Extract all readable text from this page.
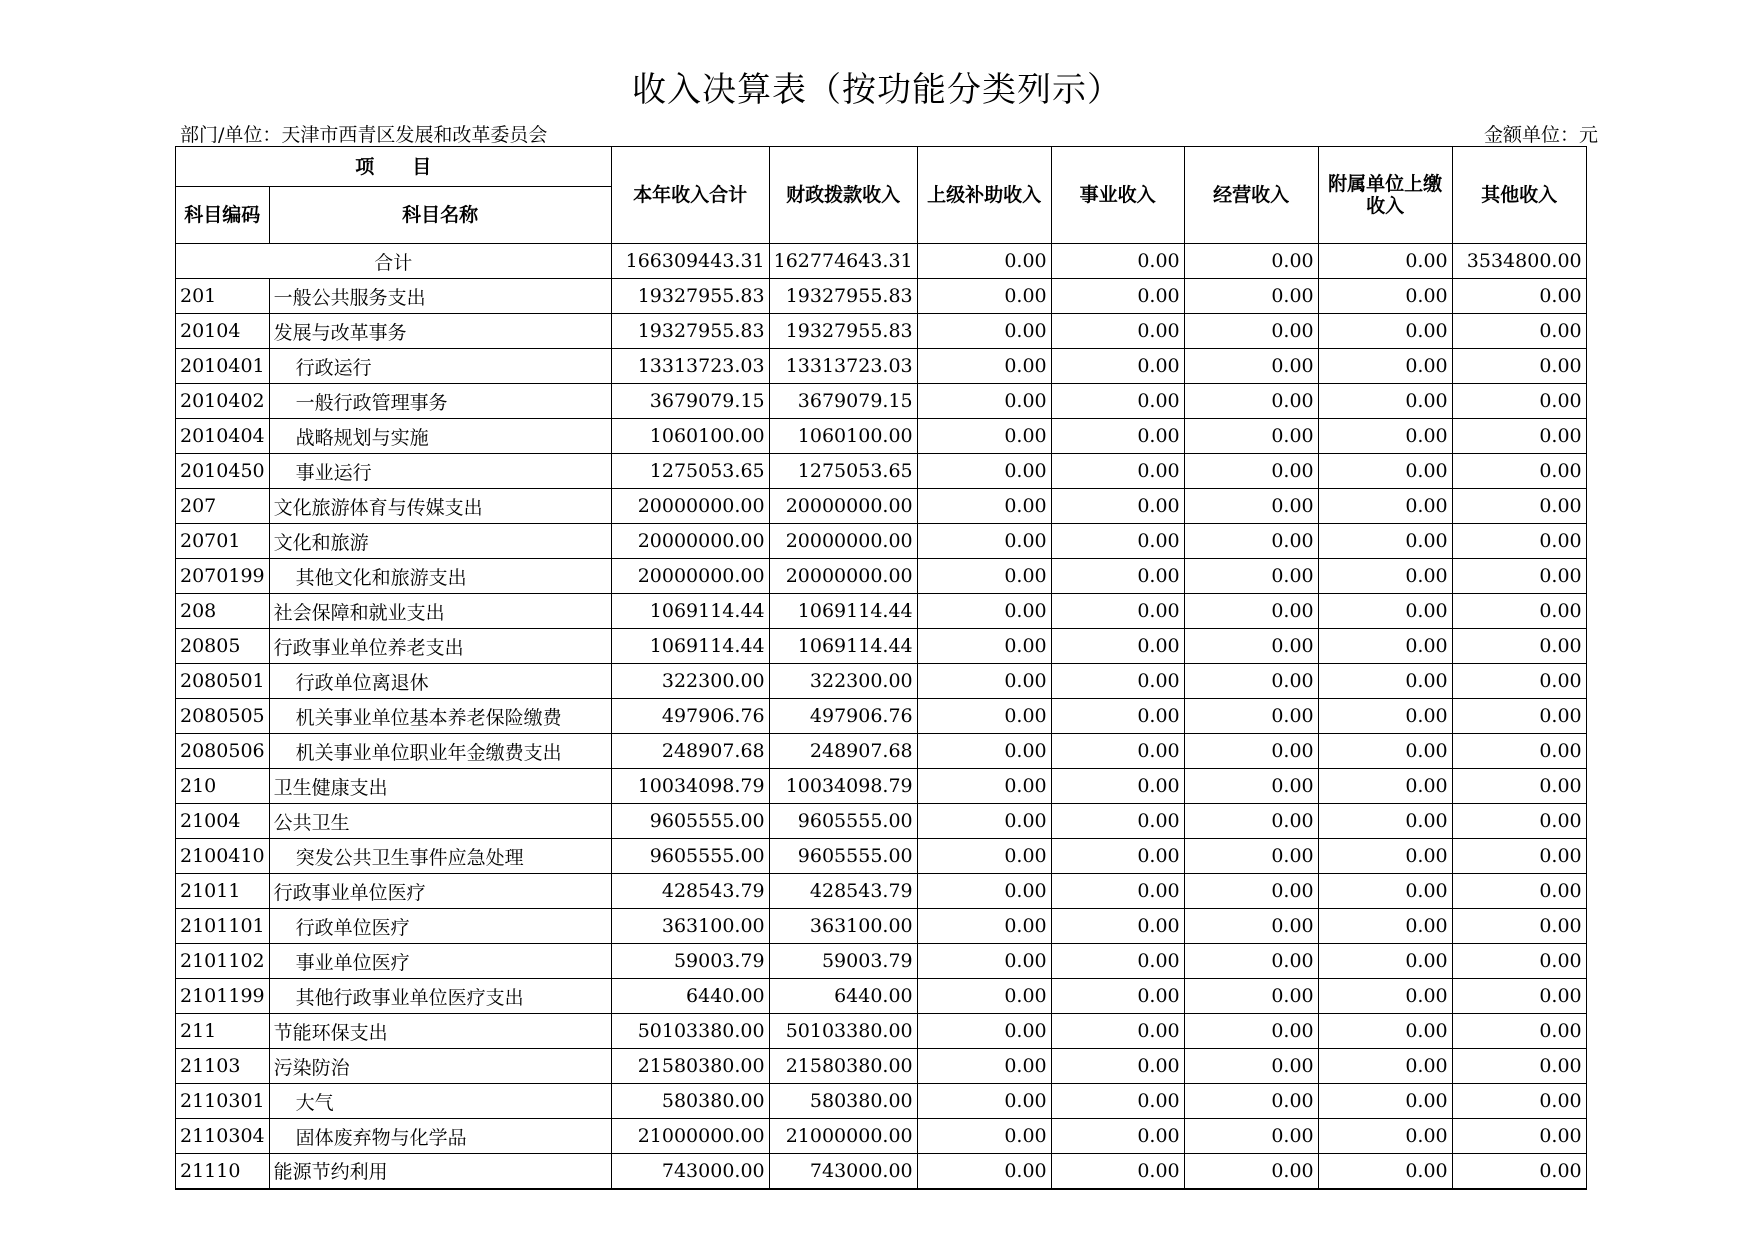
收入决算表（按功能分类列示）
部门/单位：天津市西青区发展和改革委员会	金额单位：元
项　　目		本年收入合计	财政拨款收入	上级补助收入	事业收入	经营收入	附属单位上缴收入	其他收入
科目编码	科目名称							
合计		166309443.31	162774643.31	0.00	0.00	0.00	0.00	3534800.00
201	一般公共服务支出	19327955.83	19327955.83	0.00	0.00	0.00	0.00	0.00
20104	发展与改革事务	19327955.83	19327955.83	0.00	0.00	0.00	0.00	0.00
2010401	行政运行	13313723.03	13313723.03	0.00	0.00	0.00	0.00	0.00
2010402	一般行政管理事务	3679079.15	3679079.15	0.00	0.00	0.00	0.00	0.00
2010404	战略规划与实施	1060100.00	1060100.00	0.00	0.00	0.00	0.00	0.00
2010450	事业运行	1275053.65	1275053.65	0.00	0.00	0.00	0.00	0.00
207	文化旅游体育与传媒支出	20000000.00	20000000.00	0.00	0.00	0.00	0.00	0.00
20701	文化和旅游	20000000.00	20000000.00	0.00	0.00	0.00	0.00	0.00
2070199	其他文化和旅游支出	20000000.00	20000000.00	0.00	0.00	0.00	0.00	0.00
208	社会保障和就业支出	1069114.44	1069114.44	0.00	0.00	0.00	0.00	0.00
20805	行政事业单位养老支出	1069114.44	1069114.44	0.00	0.00	0.00	0.00	0.00
2080501	行政单位离退休	322300.00	322300.00	0.00	0.00	0.00	0.00	0.00
2080505	机关事业单位基本养老保险缴费	497906.76	497906.76	0.00	0.00	0.00	0.00	0.00
2080506	机关事业单位职业年金缴费支出	248907.68	248907.68	0.00	0.00	0.00	0.00	0.00
210	卫生健康支出	10034098.79	10034098.79	0.00	0.00	0.00	0.00	0.00
21004	公共卫生	9605555.00	9605555.00	0.00	0.00	0.00	0.00	0.00
2100410	突发公共卫生事件应急处理	9605555.00	9605555.00	0.00	0.00	0.00	0.00	0.00
21011	行政事业单位医疗	428543.79	428543.79	0.00	0.00	0.00	0.00	0.00
2101101	行政单位医疗	363100.00	363100.00	0.00	0.00	0.00	0.00	0.00
2101102	事业单位医疗	59003.79	59003.79	0.00	0.00	0.00	0.00	0.00
2101199	其他行政事业单位医疗支出	6440.00	6440.00	0.00	0.00	0.00	0.00	0.00
211	节能环保支出	50103380.00	50103380.00	0.00	0.00	0.00	0.00	0.00
21103	污染防治	21580380.00	21580380.00	0.00	0.00	0.00	0.00	0.00
2110301	大气	580380.00	580380.00	0.00	0.00	0.00	0.00	0.00
2110304	固体废弃物与化学品	21000000.00	21000000.00	0.00	0.00	0.00	0.00	0.00
21110	能源节约利用	743000.00	743000.00	0.00	0.00	0.00	0.00	0.00
